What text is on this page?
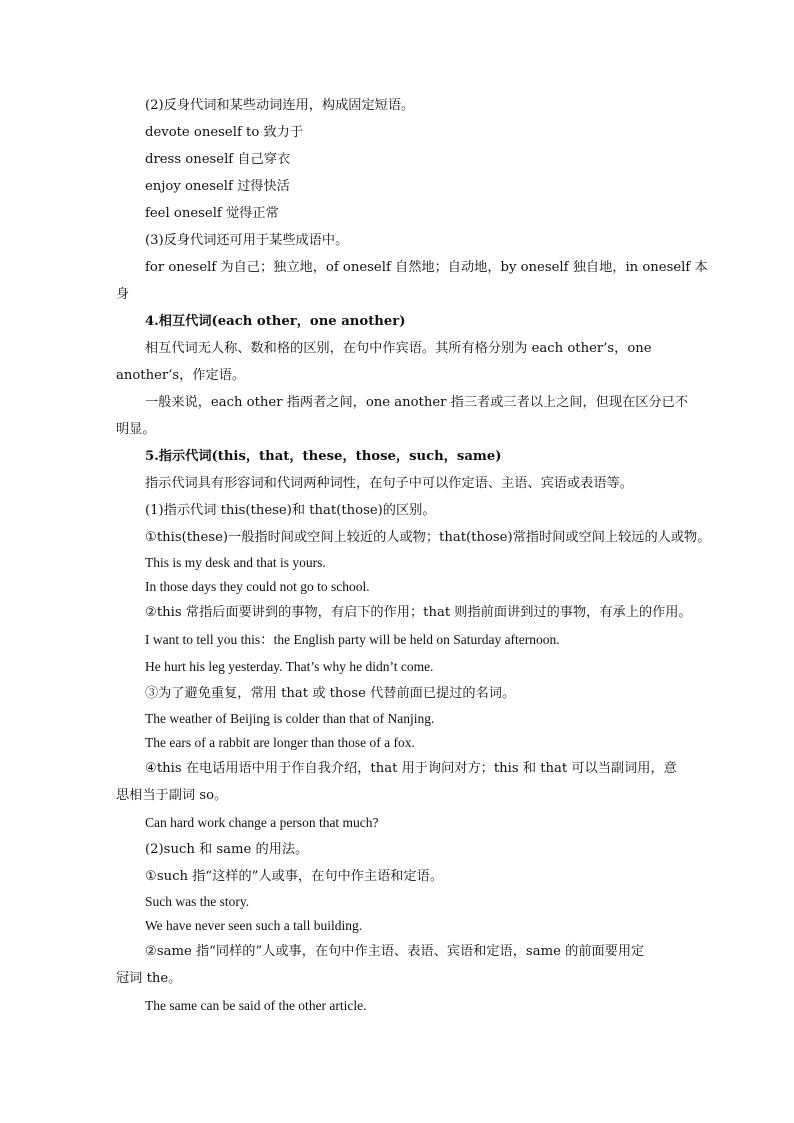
(2)反身代词和某些动词连用，构成固定短语。

devote oneself to 致力于

dress oneself 自己穿衣

enjoy oneself 过得快活

feel oneself 觉得正常

(3)反身代词还可用于某些成语中。

for oneself 为自己；独立地，of oneself 自然地；自动地，by oneself 独自地，in oneself 本

身

4.相互代词(each other，one another)

相互代词无人称、数和格的区别，在句中作宾语。其所有格分别为 each other’s，one

another’s，作定语。

一般来说，each other 指两者之间，one another 指三者或三者以上之间，但现在区分已不

明显。

5.指示代词(this，that，these，those，such，same)

指示代词具有形容词和代词两种词性，在句子中可以作定语、主语、宾语或表语等。

(1)指示代词 this(these)和 that(those)的区别。

①this(these)一般指时间或空间上较近的人或物；that(those)常指时间或空间上较远的人或物。

This is my desk and that is yours.

In those days they could not go to school.

②this 常指后面要讲到的事物，有启下的作用；that 则指前面讲到过的事物，有承上的作用。

I want to tell you this：the English party will be held on Saturday afternoon.

He hurt his leg yesterday. That’s why he didn’t come.

③为了避免重复，常用 that 或 those 代替前面已提过的名词。

The weather of Beijing is colder than that of Nanjing.

The ears of a rabbit are longer than those of a fox.

④this 在电话用语中用于作自我介绍，that 用于询问对方；this 和 that 可以当副词用，意

思相当于副词 so。

Can hard work change a person that much?

(2)such 和 same 的用法。

①such 指“这样的”人或事，在句中作主语和定语。

Such was the story.

We have never seen such a tall building.

②same 指“同样的”人或事，在句中作主语、表语、宾语和定语，same 的前面要用定

冠词 the。

The same can be said of the other article.
